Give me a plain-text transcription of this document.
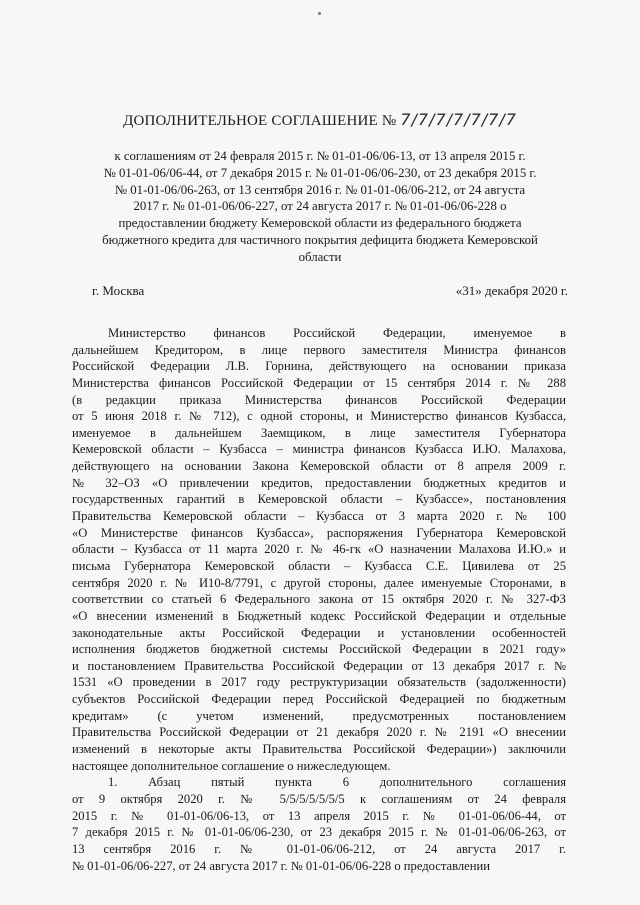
ДОПОЛНИТЕЛЬНОЕ СОГЛАШЕНИЕ № 7/7/7/7/7/7/7
к соглашениям от 24 февраля 2015 г. № 01-01-06/06-13, от 13 апреля 2015 г.
№ 01-01-06/06-44, от 7 декабря 2015 г. № 01-01-06/06-230, от 23 декабря 2015 г.
№ 01-01-06/06-263, от 13 сентября 2016 г. № 01-01-06/06-212, от 24 августа
2017 г. № 01-01-06/06-227, от 24 августа 2017 г. № 01-01-06/06-228 о
предоставлении бюджету Кемеровской области из федерального бюджета
бюджетного кредита для частичного покрытия дефицита бюджета Кемеровской
области
г. Москва	«31» декабря 2020 г.
Министерство финансов Российской Федерации, именуемое в
дальнейшем Кредитором, в лице первого заместителя Министра финансов
Российской Федерации Л.В. Горнина, действующего на основании приказа
Министерства финансов Российской Федерации от 15 сентября 2014 г. № 288
(в редакции приказа Министерства финансов Российской Федерации
от 5 июня 2018 г. № 712), с одной стороны, и Министерство финансов Кузбасса,
именуемое в дальнейшем Заемщиком, в лице заместителя Губернатора
Кемеровской области – Кузбасса – министра финансов Кузбасса И.Ю. Малахова,
действующего на основании Закона Кемеровской области от 8 апреля 2009 г.
№ 32–ОЗ «О привлечении кредитов, предоставлении бюджетных кредитов и
государственных гарантий в Кемеровской области – Кузбассе», постановления
Правительства Кемеровской области – Кузбасса от 3 марта 2020 г. № 100
«О Министерстве финансов Кузбасса», распоряжения Губернатора Кемеровской
области – Кузбасса от 11 марта 2020 г. № 46-гк «О назначении Малахова И.Ю.» и
письма Губернатора Кемеровской области – Кузбасса С.Е. Цивилева от 25
сентября 2020 г. № И10-8/7791, с другой стороны, далее именуемые Сторонами, в
соответствии со статьей 6 Федерального закона от 15 октября 2020 г. № 327-ФЗ
«О внесении изменений в Бюджетный кодекс Российской Федерации и отдельные
законодательные акты Российской Федерации и установлении особенностей
исполнения бюджетов бюджетной системы Российской Федерации в 2021 году»
и постановлением Правительства Российской Федерации от 13 декабря 2017 г. №
1531 «О проведении в 2017 году реструктуризации обязательств (задолженности)
субъектов Российской Федерации перед Российской Федерацией по бюджетным
кредитам» (с учетом изменений, предусмотренных постановлением
Правительства Российской Федерации от 21 декабря 2020 г. № 2191 «О внесении
изменений в некоторые акты Правительства Российской Федерации») заключили
настоящее дополнительное соглашение о нижеследующем.
1. Абзац пятый пункта 6 дополнительного соглашения
от 9 октября 2020 г. № 5/5/5/5/5/5/5 к соглашениям от 24 февраля
2015 г. № 01-01-06/06-13, от 13 апреля 2015 г. № 01-01-06/06-44, от
7 декабря 2015 г. № 01-01-06/06-230, от 23 декабря 2015 г. № 01-01-06/06-263, от
13 сентября 2016 г. № 01-01-06/06-212, от 24 августа 2017 г.
№ 01-01-06/06-227, от 24 августа 2017 г. № 01-01-06/06-228 о предоставлении
